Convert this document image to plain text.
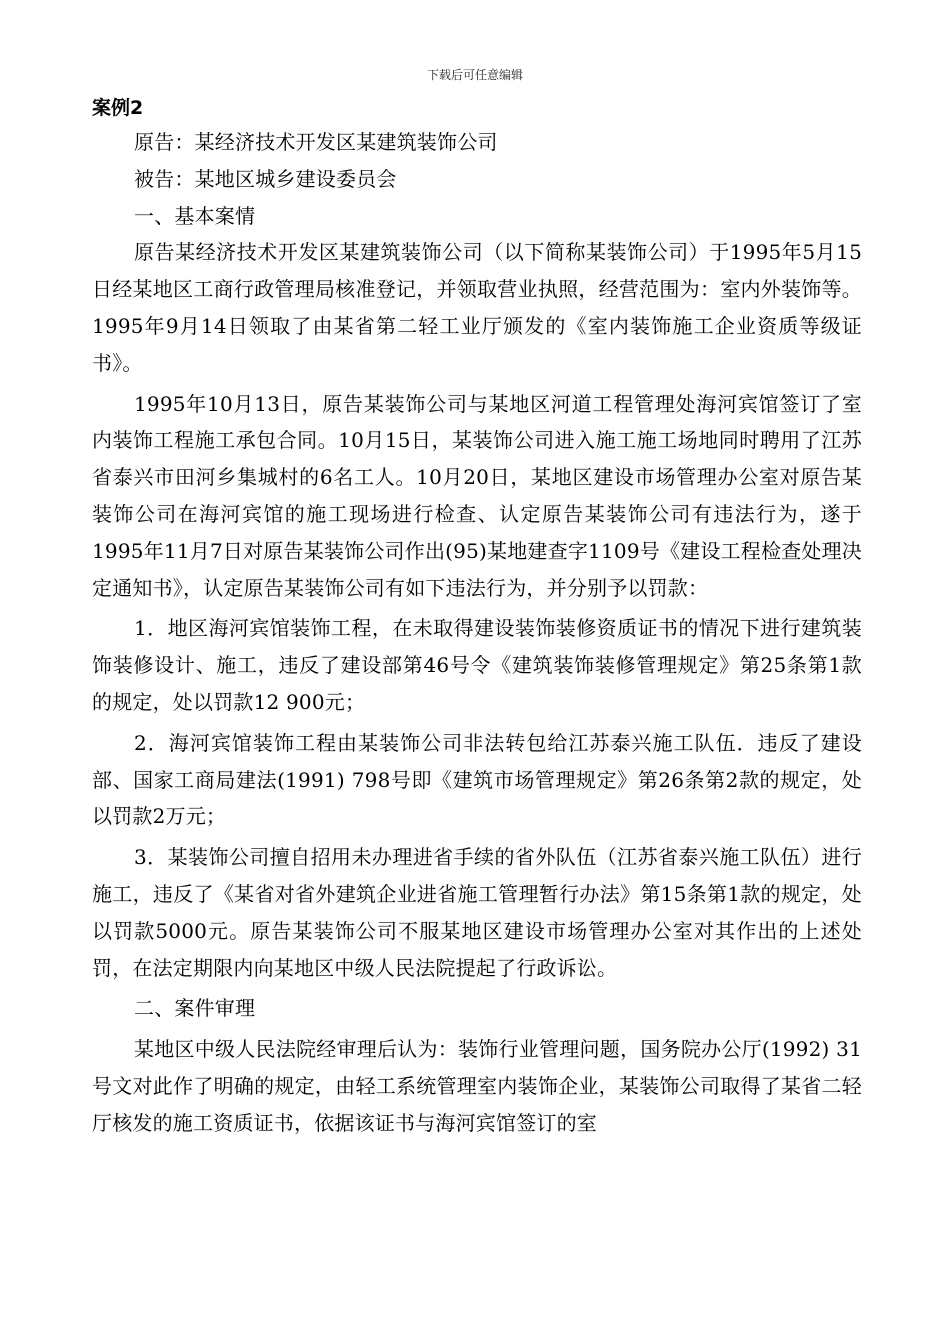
下载后可任意编辑
案例2

原告：某经济技术开发区某建筑装饰公司

被告：某地区城乡建设委员会

一、基本案情

原告某经济技术开发区某建筑装饰公司（以下简称某装饰公司）于1995年5月15日经某地区工商行政管理局核准登记，并领取营业执照，经营范围为：室内外装饰等。1995年9月14日领取了由某省第二轻工业厅颁发的《室内装饰施工企业资质等级证书》。

1995年10月13日，原告某装饰公司与某地区河道工程管理处海河宾馆签订了室内装饰工程施工承包合同。10月15日，某装饰公司进入施工施工场地同时聘用了江苏省泰兴市田河乡集城村的6名工人。10月20日，某地区建设市场管理办公室对原告某装饰公司在海河宾馆的施工现场进行检查、认定原告某装饰公司有违法行为，遂于1995年11月7日对原告某装饰公司作出(95)某地建查字1109号《建设工程检查处理决定通知书》，认定原告某装饰公司有如下违法行为，并分别予以罚款：

1．地区海河宾馆装饰工程，在未取得建设装饰装修资质证书的情况下进行建筑装饰装修设计、施工，违反了建设部第46号令《建筑装饰装修管理规定》第25条第1款的规定，处以罚款12 900元；

2．海河宾馆装饰工程由某装饰公司非法转包给江苏泰兴施工队伍．违反了建设部、国家工商局建法(1991) 798号即《建筑市场管理规定》第26条第2款的规定，处以罚款2万元；

3．某装饰公司擅自招用未办理进省手续的省外队伍（江苏省泰兴施工队伍）进行施工，违反了《某省对省外建筑企业进省施工管理暂行办法》第15条第1款的规定，处以罚款5000元。原告某装饰公司不服某地区建设市场管理办公室对其作出的上述处罚，在法定期限内向某地区中级人民法院提起了行政诉讼。

二、案件审理

某地区中级人民法院经审理后认为：装饰行业管理问题，国务院办公厅(1992) 31号文对此作了明确的规定，由轻工系统管理室内装饰企业，某装饰公司取得了某省二轻厅核发的施工资质证书，依据该证书与海河宾馆签订的室
